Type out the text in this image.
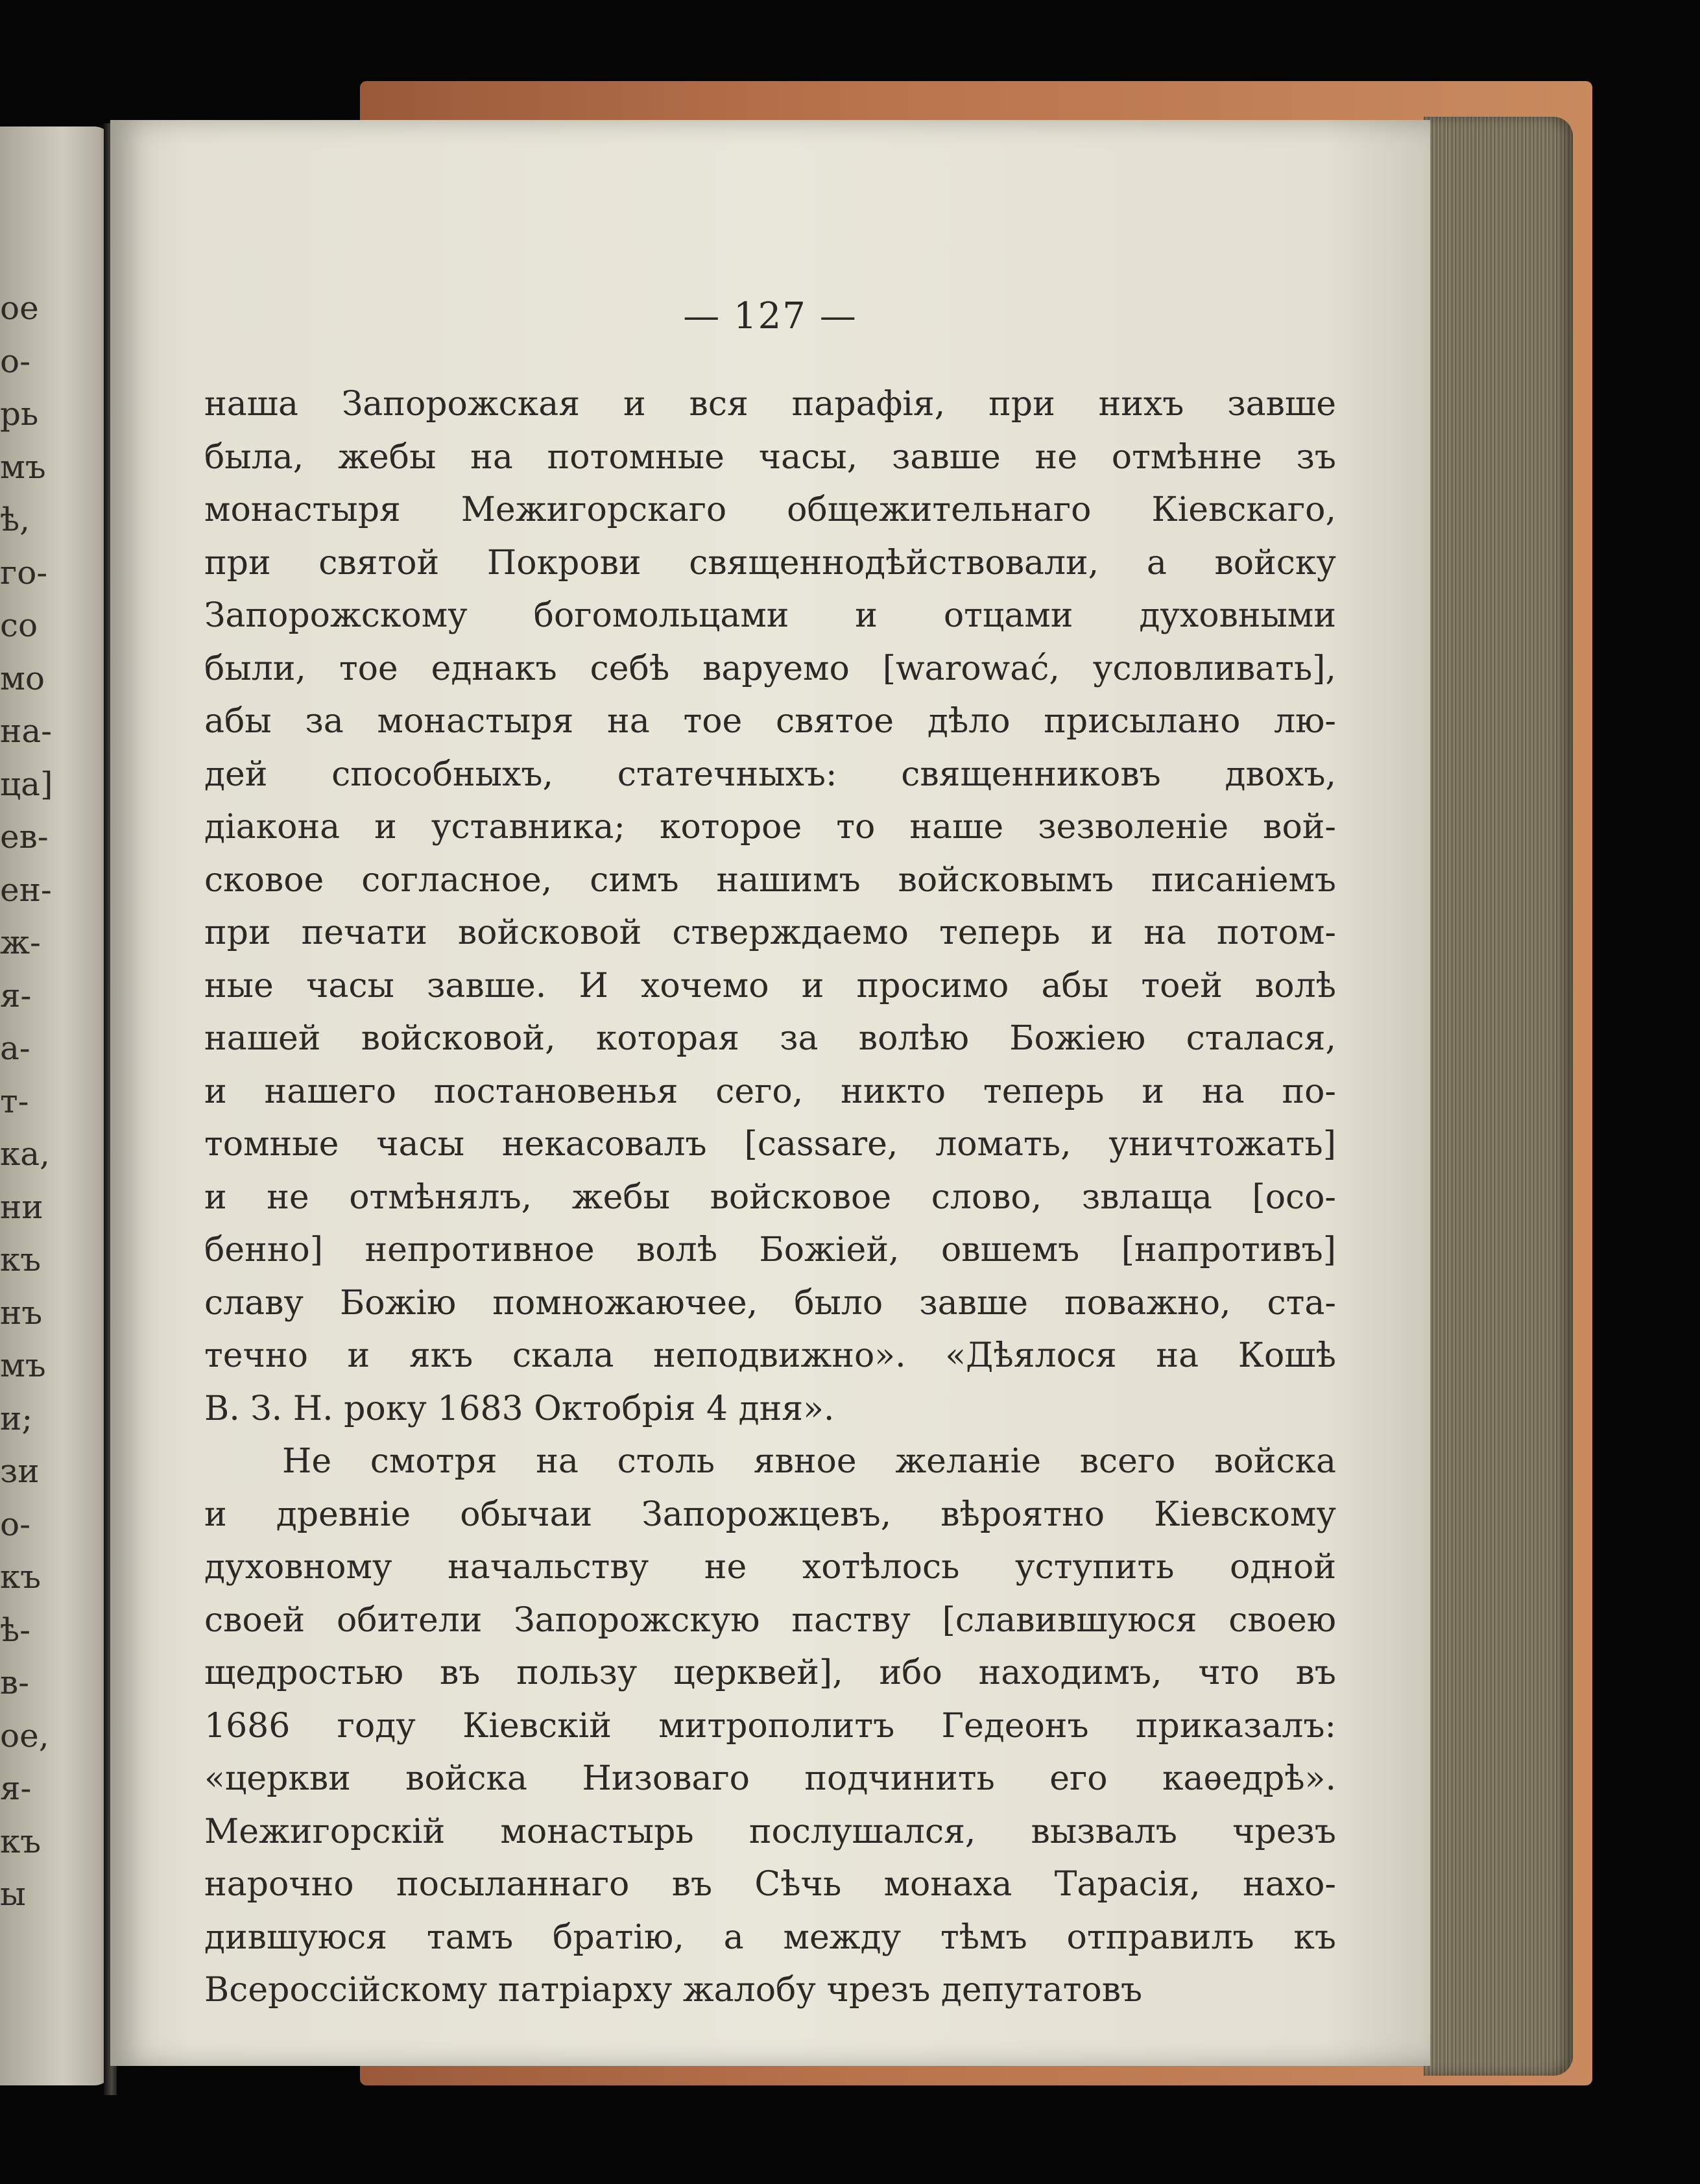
ое
о-
рь
мъ
ѣ,
го-
со
мо
на-
ца]
ев-
ен-
ж-
я-
а-
т-
ка,
ни
къ
нъ
мъ
и;
зи
о-
къ
ѣ-
в-
ое,
я-
къ
ы
— 127 —
наша Запорожская и вся парафія, при нихъ завше
была, жебы на потомные часы, завше не отмѣнне зъ
монастыря Межигорскаго общежительнаго Кіевскаго,
при святой Покрови священнодѣйствовали, а войску
Запорожскому богомольцами и отцами духовными
были, тое еднакъ себѣ варуемо [warować, условливать],
абы за монастыря на тое святое дѣло присылано лю-
дей способныхъ, статечныхъ: священниковъ двохъ,
діакона и уставника; которое то наше зезволеніе вой-
сковое согласное, симъ нашимъ войсковымъ писаніемъ
при печати войсковой стверждаемо теперь и на потом-
ные часы завше. И хочемо и просимо абы тоей волѣ
нашей войсковой, которая за волѣю Божіею сталася,
и нашего постановенья сего, никто теперь и на по-
томные часы некасовалъ [cassare, ломать, уничтожать]
и не отмѣнялъ, жебы войсковое слово, звлаща [осо-
бенно] непротивное волѣ Божіей, овшемъ [напротивъ]
славу Божію помножаючее, было завше поважно, ста-
течно и якъ скала неподвижно». «Дѣялося на Кошѣ
В. З. Н. року 1683 Октобрія 4 дня».
Не смотря на столь явное желаніе всего войска
и древніе обычаи Запорожцевъ, вѣроятно Кіевскому
духовному начальству не хотѣлось уступить одной
своей обители Запорожскую паству [славившуюся своею
щедростью въ пользу церквей], ибо находимъ, что въ
1686 году Кіевскій митрополитъ Гедеонъ приказалъ:
«церкви войска Низоваго подчинить его каѳедрѣ».
Межигорскій монастырь послушался, вызвалъ чрезъ
нарочно посыланнаго въ Сѣчь монаха Тарасія, нахо-
дившуюся тамъ братію, а между тѣмъ отправилъ къ
Всероссійскому патріарху жалобу чрезъ депутатовъ
